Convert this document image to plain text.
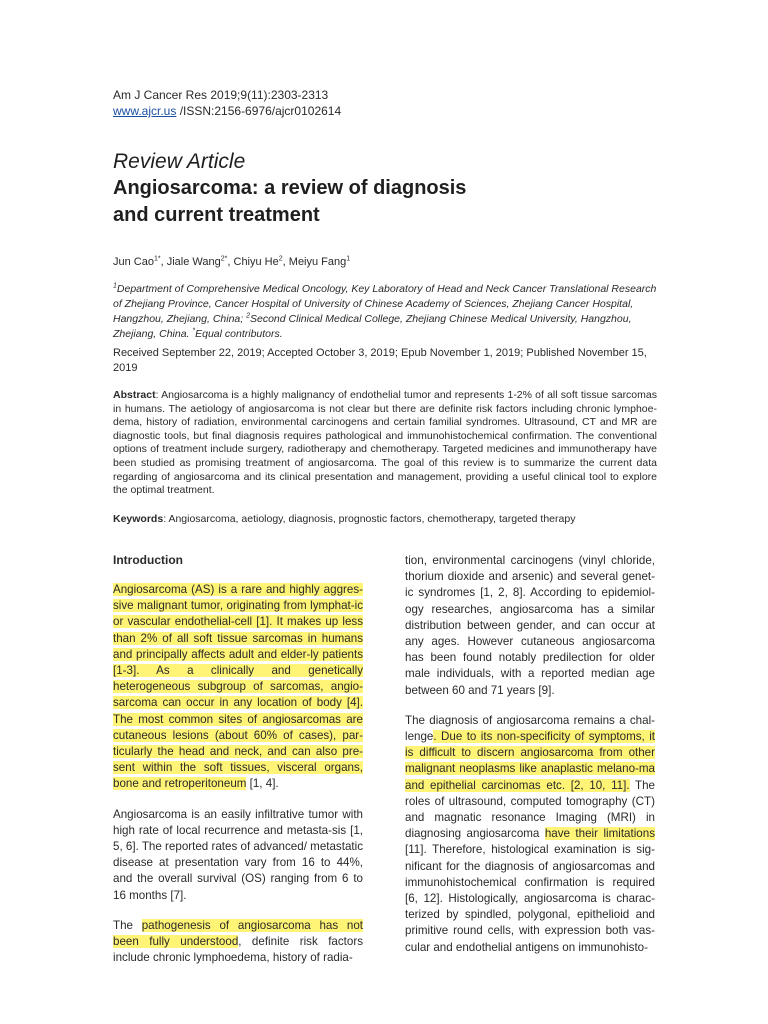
Am J Cancer Res 2019;9(11):2303-2313
www.ajcr.us /ISSN:2156-6976/ajcr0102614
Review Article
Angiosarcoma: a review of diagnosis
and current treatment
Jun Cao$^{1*}$, Jiale Wang$^{2*}$, Chiyu He$^2$, Meiyu Fang$^1$
$^1$Department of Comprehensive Medical Oncology, Key Laboratory of Head and Neck Cancer Translational Research of Zhejiang Province, Cancer Hospital of University of Chinese Academy of Sciences, Zhejiang Cancer Hospital, Hangzhou, Zhejiang, China; $^2$Second Clinical Medical College, Zhejiang Chinese Medical University, Hangzhou, Zhejiang, China. *Equal contributors.
Received September 22, 2019; Accepted October 3, 2019; Epub November 1, 2019; Published November 15, 2019
Abstract: Angiosarcoma is a highly malignancy of endothelial tumor and represents 1-2% of all soft tissue sarcomas in humans. The aetiology of angiosarcoma is not clear but there are definite risk factors including chronic lymphoe-dema, history of radiation, environmental carcinogens and certain familial syndromes. Ultrasound, CT and MR are diagnostic tools, but final diagnosis requires pathological and immunohistochemical confirmation. The conventional options of treatment include surgery, radiotherapy and chemotherapy. Targeted medicines and immunotherapy have been studied as promising treatment of angiosarcoma. The goal of this review is to summarize the current data regarding of angiosarcoma and its clinical presentation and management, providing a useful clinical tool to explore the optimal treatment.
Keywords: Angiosarcoma, aetiology, diagnosis, prognostic factors, chemotherapy, targeted therapy
Introduction

Angiosarcoma (AS) is a rare and highly aggres-sive malignant tumor, originating from lymphat-ic or vascular endothelial-cell [1]. It makes up less than 2% of all soft tissue sarcomas in humans and principally affects adult and elder-ly patients [1-3]. As a clinically and genetically heterogeneous subgroup of sarcomas, angio-sarcoma can occur in any location of body [4]. The most common sites of angiosarcomas are cutaneous lesions (about 60% of cases), par-ticularly the head and neck, and can also pre-sent within the soft tissues, visceral organs, bone and retroperitoneum [1, 4].

Angiosarcoma is an easily infiltrative tumor with high rate of local recurrence and metasta-sis [1, 5, 6]. The reported rates of advanced/ metastatic disease at presentation vary from 16 to 44%, and the overall survival (OS) ranging from 6 to 16 months [7].

The pathogenesis of angiosarcoma has not been fully understood, definite risk factors include chronic lymphoedema, history of radia-

tion, environmental carcinogens (vinyl chloride, thorium dioxide and arsenic) and several genet-ic syndromes [1, 2, 8]. According to epidemiol-ogy researches, angiosarcoma has a similar distribution between gender, and can occur at any ages. However cutaneous angiosarcoma has been found notably predilection for older male individuals, with a reported median age between 60 and 71 years [9].

The diagnosis of angiosarcoma remains a chal-lenge. Due to its non-specificity of symptoms, it is difficult to discern angiosarcoma from other malignant neoplasms like anaplastic melano-ma and epithelial carcinomas etc. [2, 10, 11]. The roles of ultrasound, computed tomography (CT) and magnatic resonance Imaging (MRI) in diagnosing angiosarcoma have their limitations [11]. Therefore, histological examination is sig-nificant for the diagnosis of angiosarcomas and immunohistochemical confirmation is required [6, 12]. Histologically, angiosarcoma is charac-terized by spindled, polygonal, epithelioid and primitive round cells, with expression both vas-cular and endothelial antigens on immunohisto-
